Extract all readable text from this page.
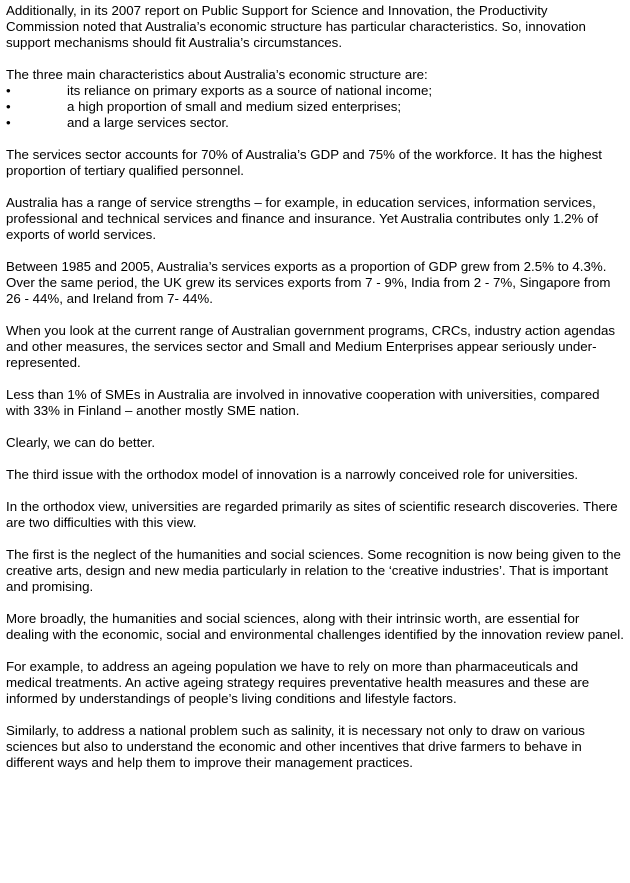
Additionally, in its 2007 report on Public Support for Science and Innovation, the Productivity Commission noted that Australia’s economic structure has particular characteristics. So, innovation support mechanisms should fit Australia’s circumstances.

The three main characteristics about Australia’s economic structure are:

•	its reliance on primary exports as a source of national income;
•	a high proportion of small and medium sized enterprises;
•	and a large services sector.

The services sector accounts for 70% of Australia’s GDP and 75% of the workforce. It has the highest proportion of tertiary qualified personnel.

Australia has a range of service strengths – for example, in education services, information services, professional and technical services and finance and insurance. Yet Australia contributes only 1.2% of exports of world services.

Between 1985 and 2005, Australia’s services exports as a proportion of GDP grew from 2.5% to 4.3%. Over the same period, the UK grew its services exports from 7 - 9%, India from 2 - 7%, Singapore from 26 - 44%, and Ireland from 7- 44%.

When you look at the current range of Australian government programs, CRCs, industry action agendas and other measures, the services sector and Small and Medium Enterprises appear seriously under-represented.

Less than 1% of SMEs in Australia are involved in innovative cooperation with universities, compared with 33% in Finland – another mostly SME nation.

Clearly, we can do better.

The third issue with the orthodox model of innovation is a narrowly conceived role for universities.

In the orthodox view, universities are regarded primarily as sites of scientific research discoveries. There are two difficulties with this view.

The first is the neglect of the humanities and social sciences. Some recognition is now being given to the creative arts, design and new media particularly in relation to the ‘creative industries’. That is important and promising.

More broadly, the humanities and social sciences, along with their intrinsic worth, are essential for dealing with the economic, social and environmental challenges identified by the innovation review panel.

For example, to address an ageing population we have to rely on more than pharmaceuticals and medical treatments. An active ageing strategy requires preventative health measures and these are informed by understandings of people’s living conditions and lifestyle factors.

Similarly, to address a national problem such as salinity, it is necessary not only to draw on various sciences but also to understand the economic and other incentives that drive farmers to behave in different ways and help them to improve their management practices.
